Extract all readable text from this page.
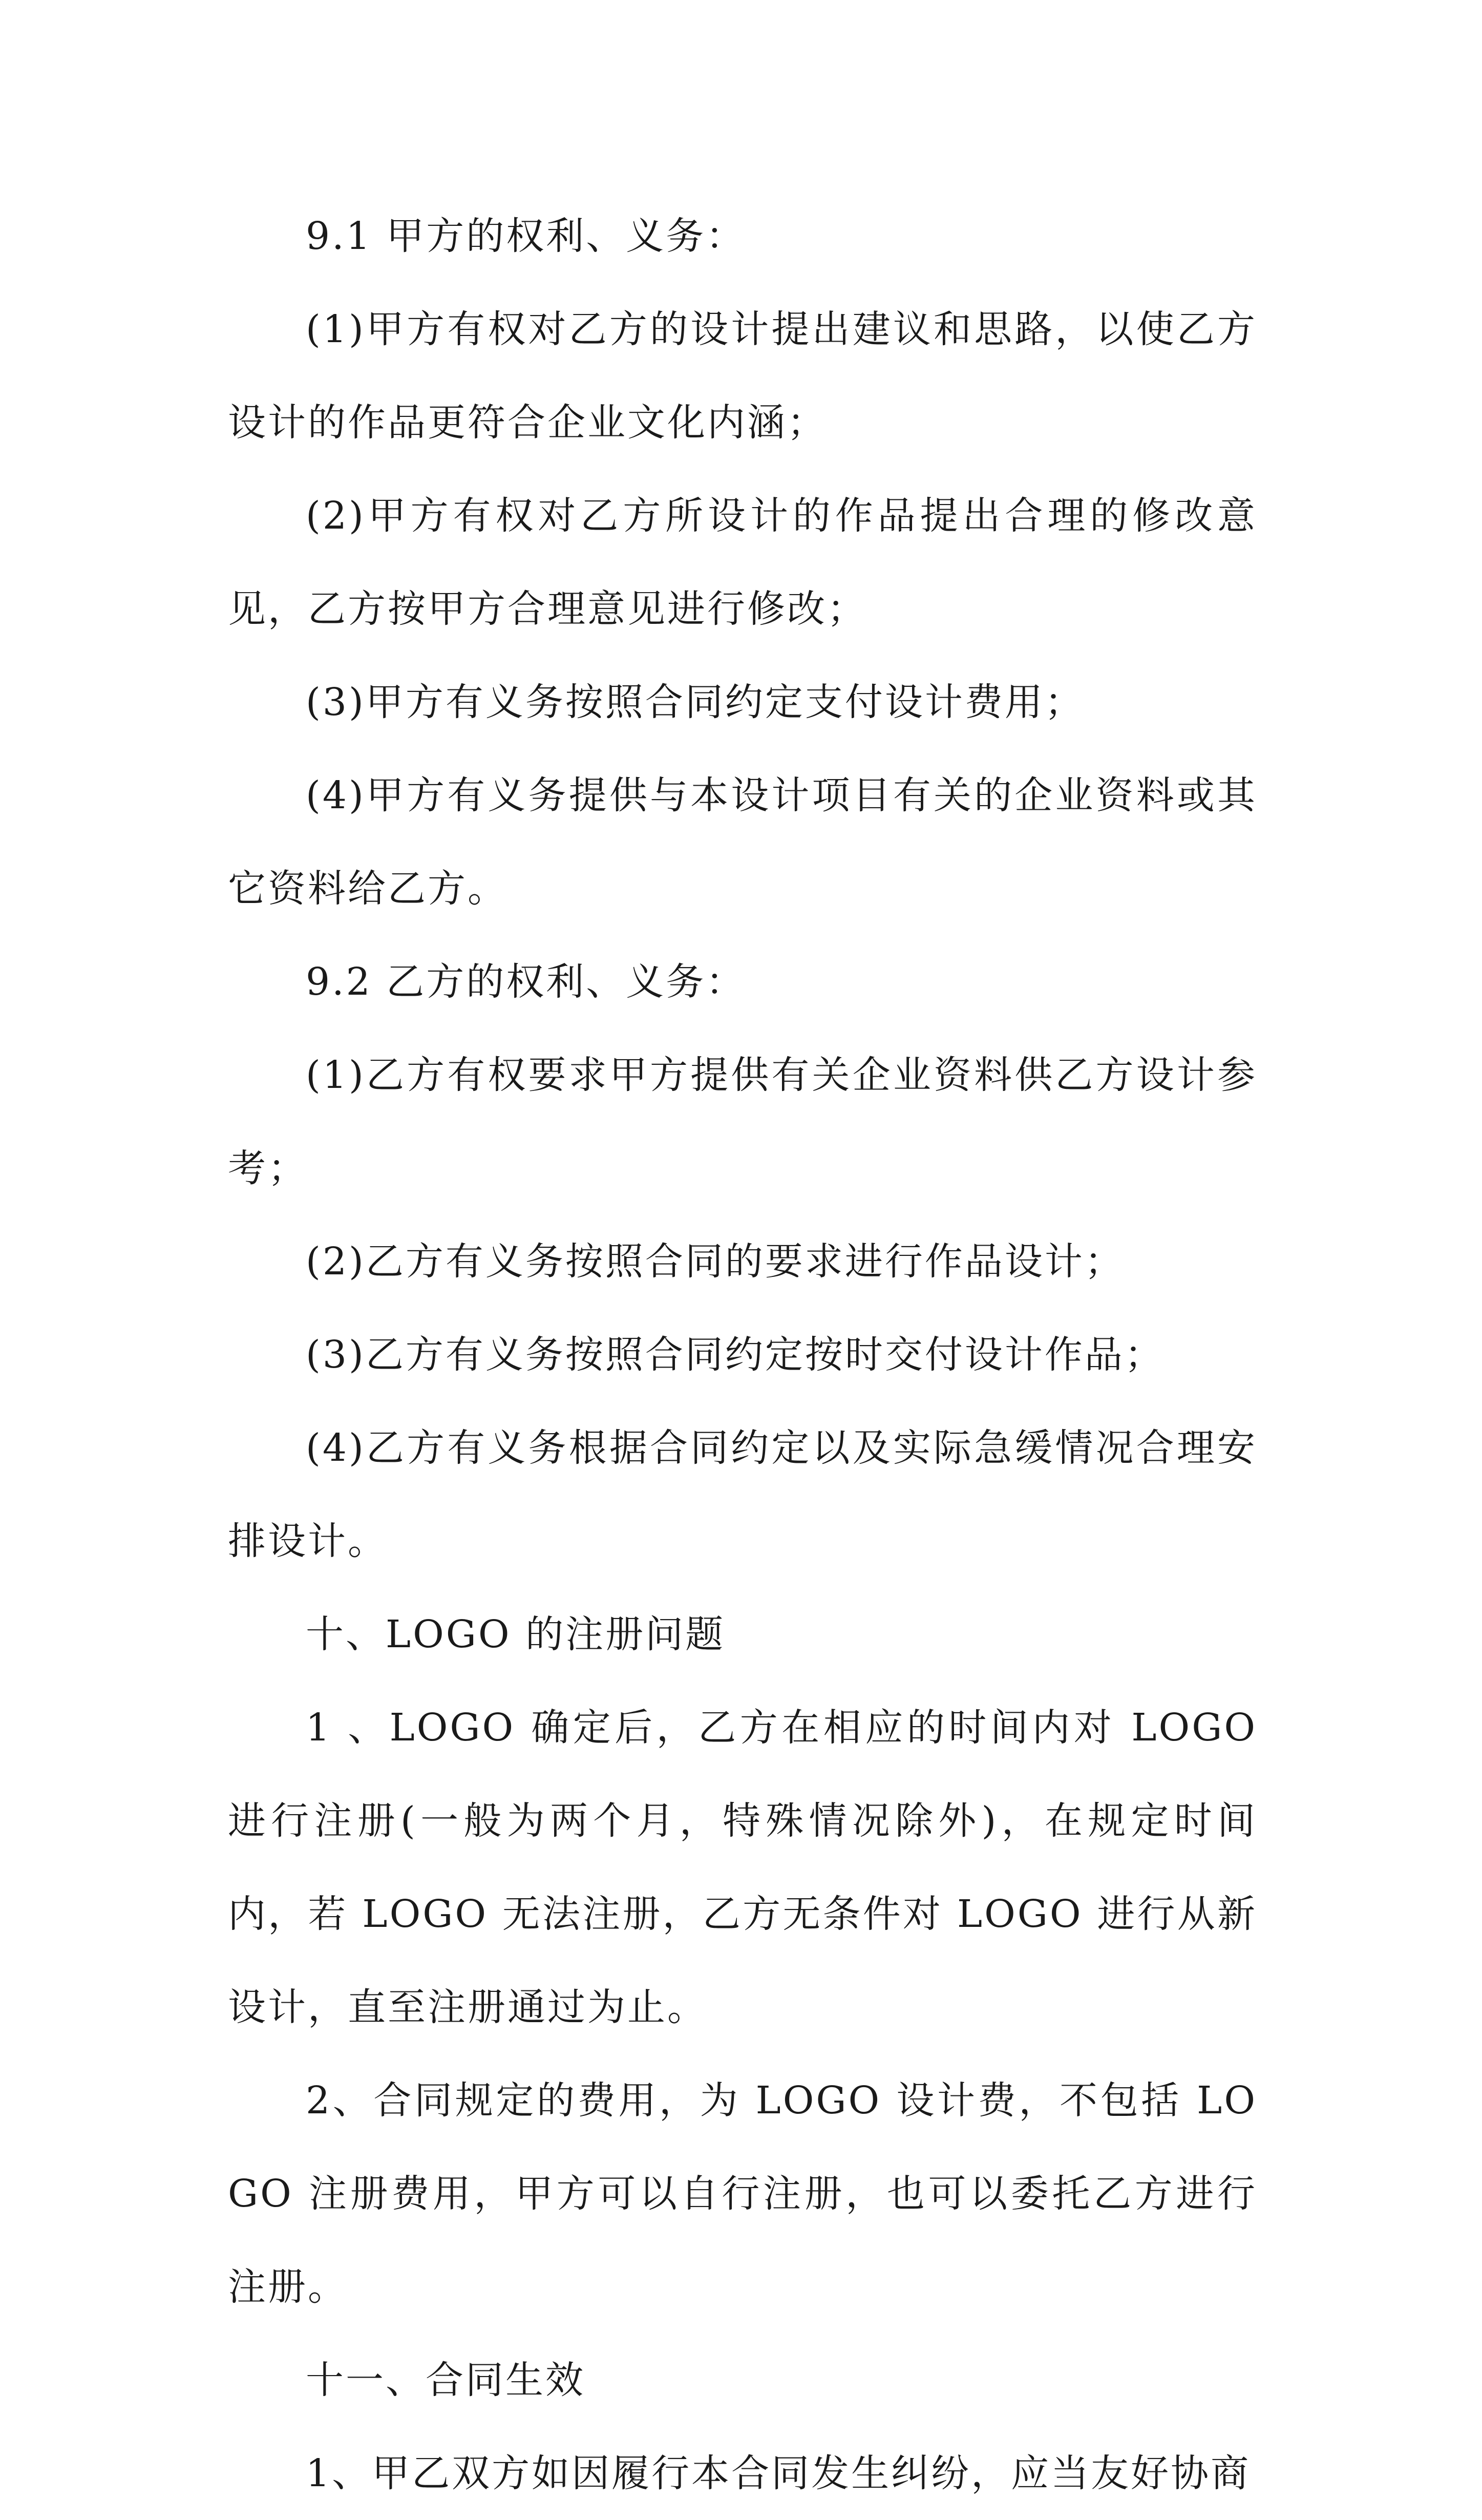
9.1 甲方的权利、义务：

(1)甲方有权对乙方的设计提出建议和思路，以使乙方设计的作品更符合企业文化内涵；

(2)甲方有权对乙方所设计的作品提出合理的修改意见，乙方按甲方合理意见进行修改；

(3)甲方有义务按照合同约定支付设计费用；

(4)甲方有义务提供与本设计项目有关的企业资料或其它资料给乙方。

9.2 乙方的权利、义务：

(1)乙方有权要求甲方提供有关企业资料供乙方设计参考；

(2)乙方有义务按照合同的要求进行作品设计；

(3)乙方有义务按照合同约定按时交付设计作品；

(4)乙方有义务根据合同约定以及实际急缓情况合理安排设计。

十、LOGO 的注册问题

1 、LOGO 确定后，乙方在相应的时间内对 LOGO 进行注册(一般为两个月，特殊情况除外)，在规定时间内，若 LOGO 无法注册，乙方无条件对 LOGO 进行从新设计，直至注册通过为止。

2、合同规定的费用，为 LOGO 设计费，不包括 LOGO 注册费用，甲方可以自行注册，也可以委托乙方进行注册。

十一、合同生效

1、甲乙双方如因履行本合同发生纠纷，应当友好协商
